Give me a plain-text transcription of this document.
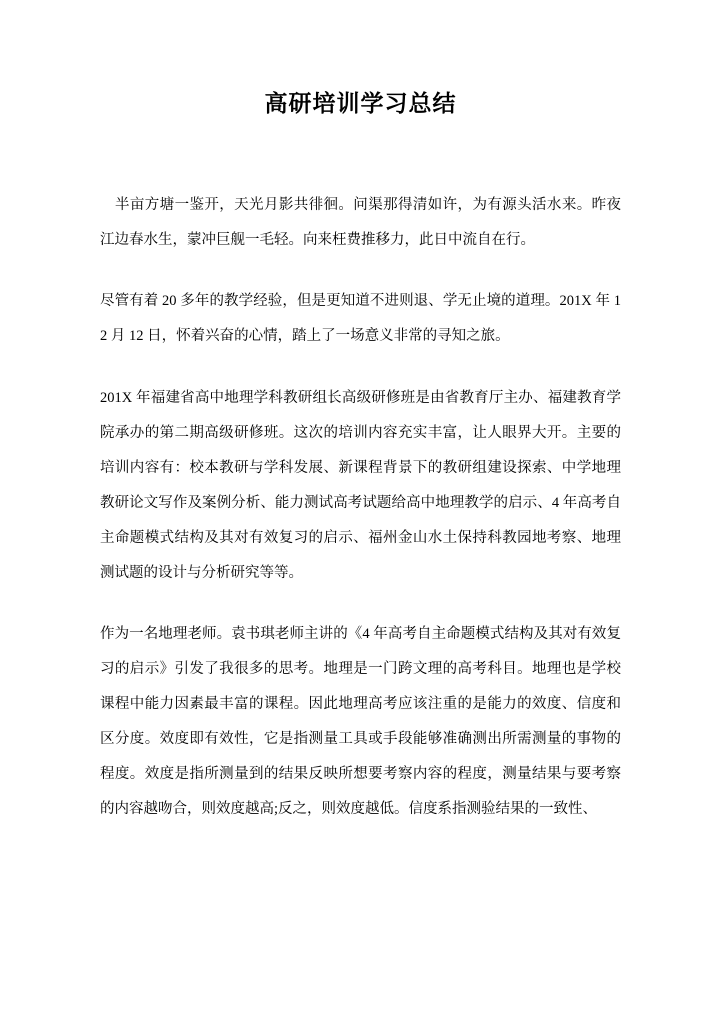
高研培训学习总结

半亩方塘一鉴开，天光月影共徘徊。问渠那得清如许，为有源头活水来。昨夜江边春水生，蒙冲巨舰一毛轻。向来枉费推移力，此日中流自在行。

尽管有着 20 多年的教学经验，但是更知道不进则退、学无止境的道理。201X 年 12 月 12 日，怀着兴奋的心情，踏上了一场意义非常的寻知之旅。

201X 年福建省高中地理学科教研组长高级研修班是由省教育厅主办、福建教育学院承办的第二期高级研修班。这次的培训内容充实丰富，让人眼界大开。主要的培训内容有：校本教研与学科发展、新课程背景下的教研组建设探索、中学地理教研论文写作及案例分析、能力测试高考试题给高中地理教学的启示、4 年高考自主命题模式结构及其对有效复习的启示、福州金山水土保持科教园地考察、地理测试题的设计与分析研究等等。

作为一名地理老师。袁书琪老师主讲的《4 年高考自主命题模式结构及其对有效复习的启示》引发了我很多的思考。地理是一门跨文理的高考科目。地理也是学校课程中能力因素最丰富的课程。因此地理高考应该注重的是能力的效度、信度和区分度。效度即有效性，它是指测量工具或手段能够准确测出所需测量的事物的程度。效度是指所测量到的结果反映所想要考察内容的程度，测量结果与要考察的内容越吻合，则效度越高;反之，则效度越低。信度系指测验结果的一致性、
